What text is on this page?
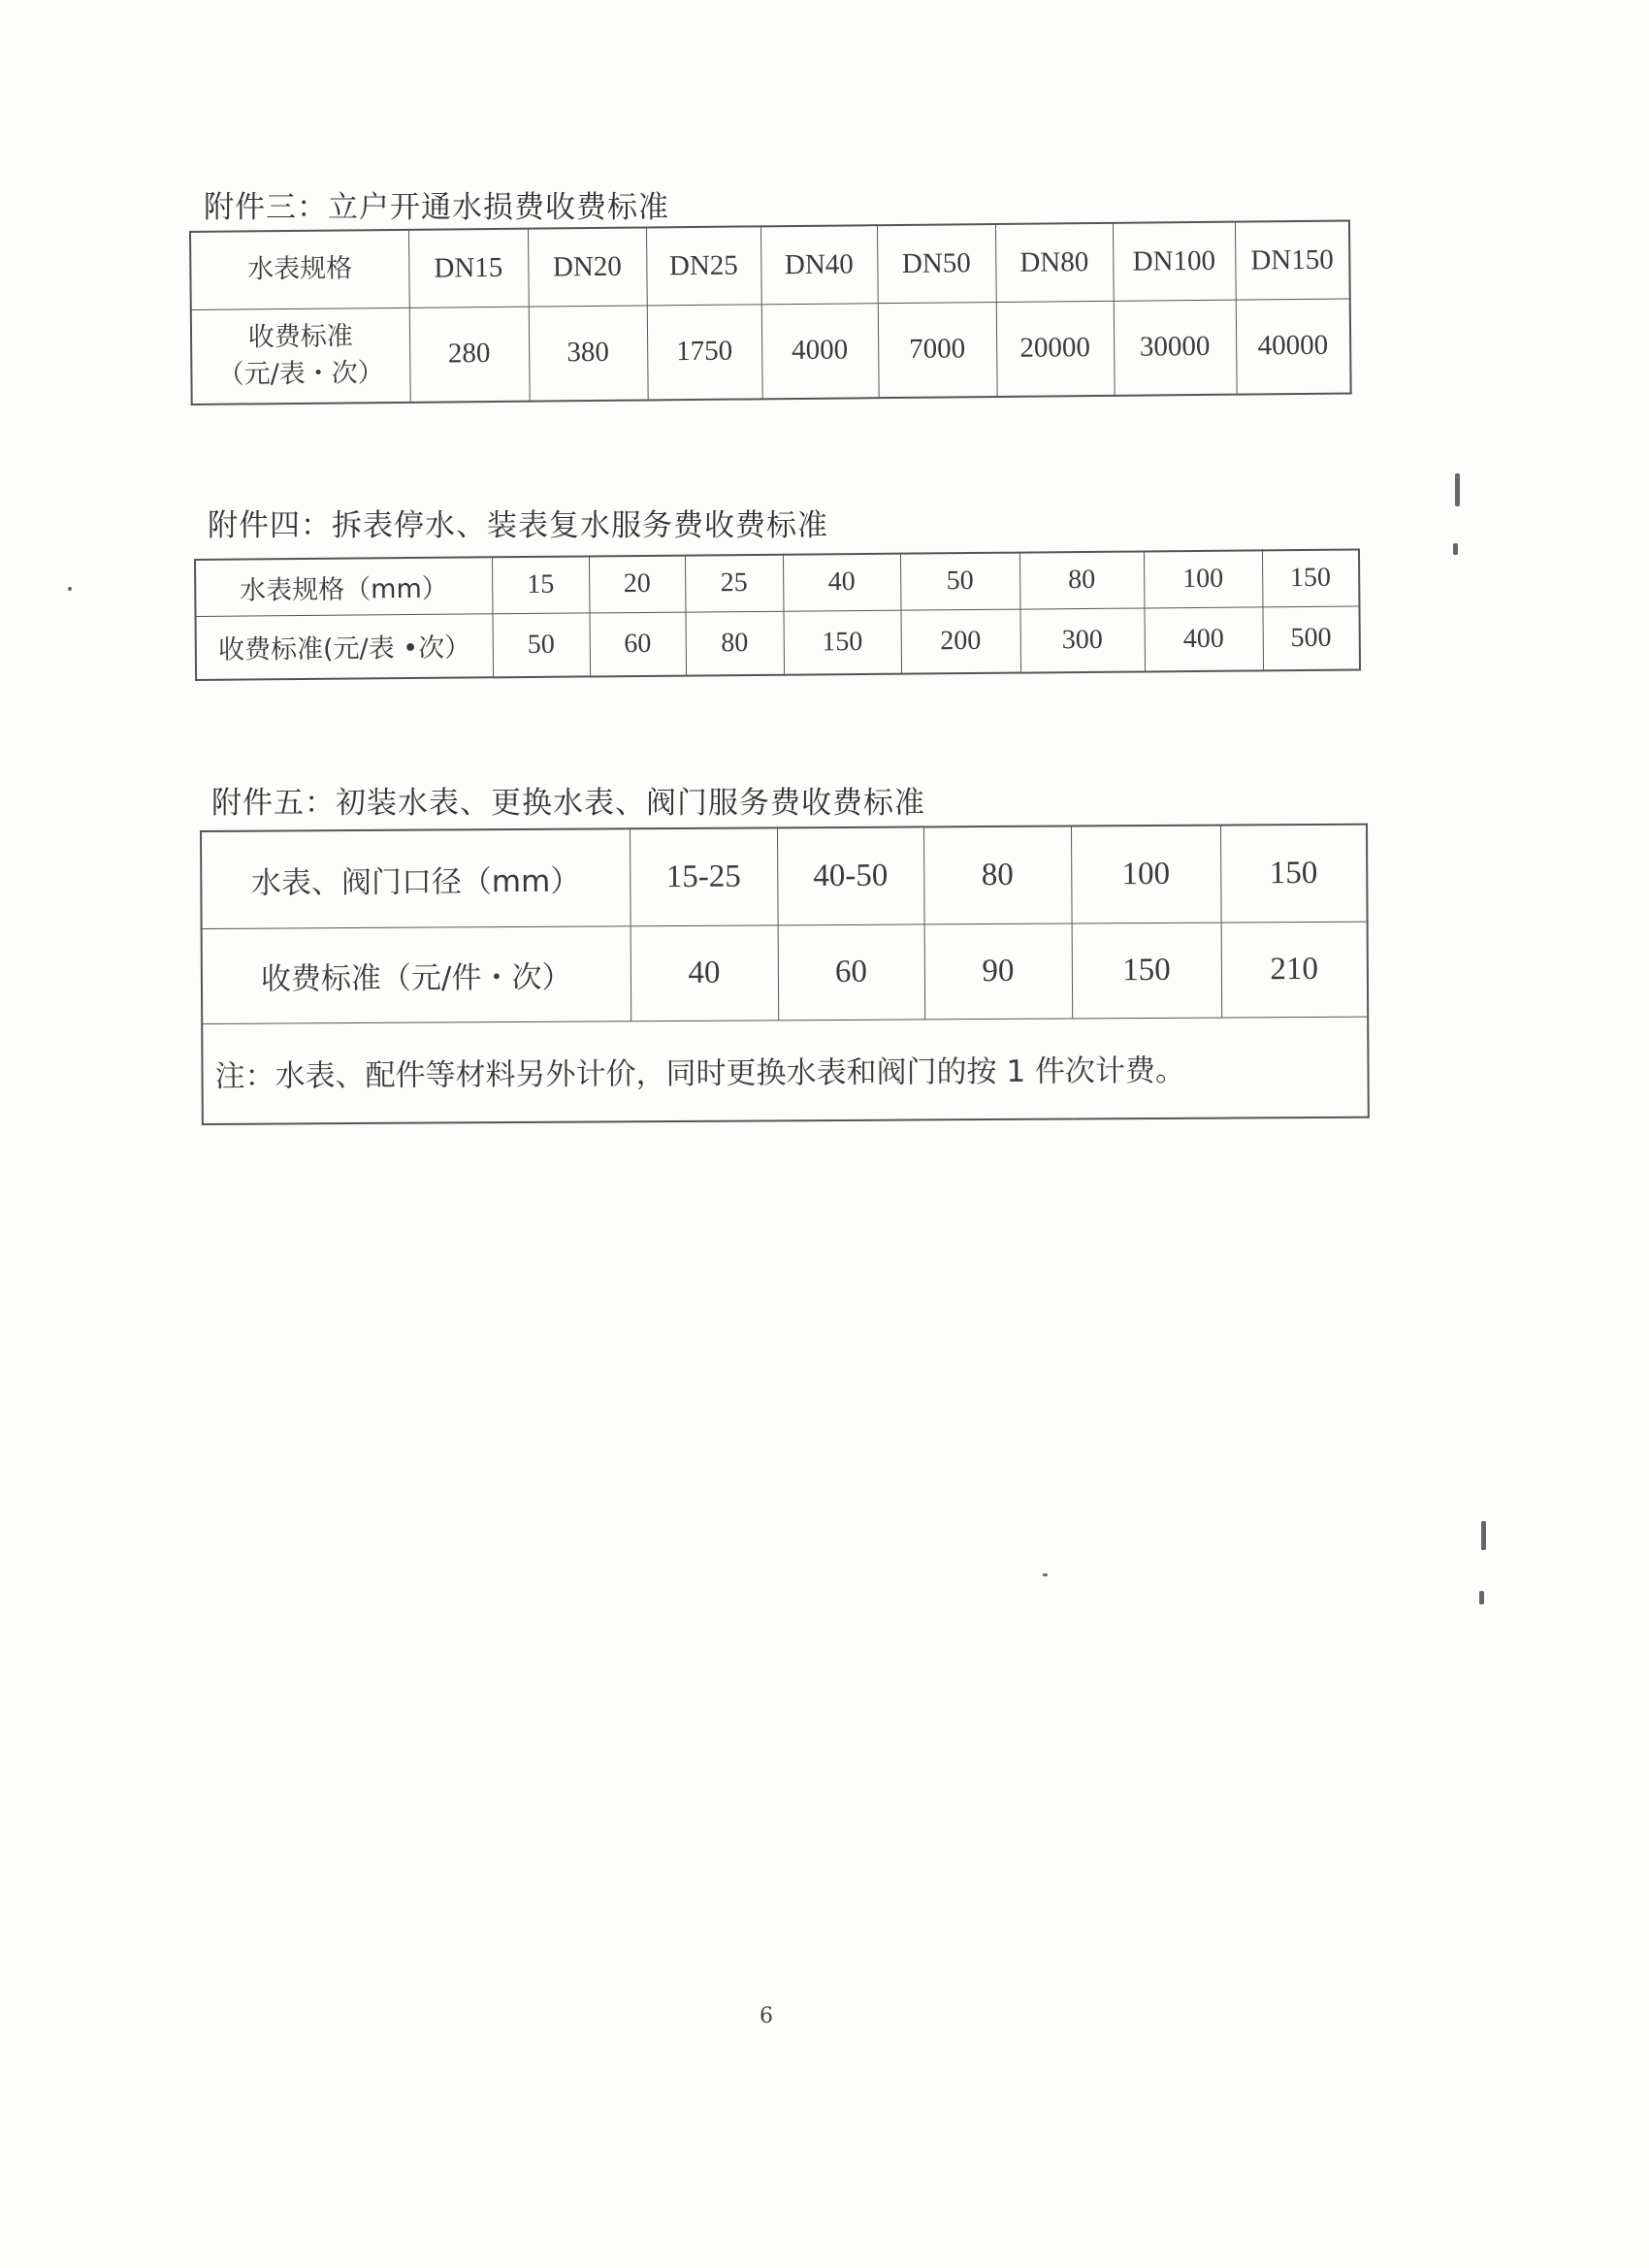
附件三：立户开通水损费收费标准
水表规格	DN15	DN20	DN25	DN40	DN50	DN80	DN100	DN150

收费标准
（元/表・次）	280	380	1750	4000	7000	20000	30000	40000
附件四：拆表停水、装表复水服务费收费标准
水表规格（mm）	15	20	25	40	50	80	100	150
收费标准(元/表 •次）	50	60	80	150	200	300	400	500
附件五：初装水表、更换水表、阀门服务费收费标准
水表、阀门口径（mm）	15-25	40-50	80	100	150
收费标准（元/件・次）	40	60	90	150	210
注：水表、配件等材料另外计价，同时更换水表和阀门的按 1 件次计费。					
6
